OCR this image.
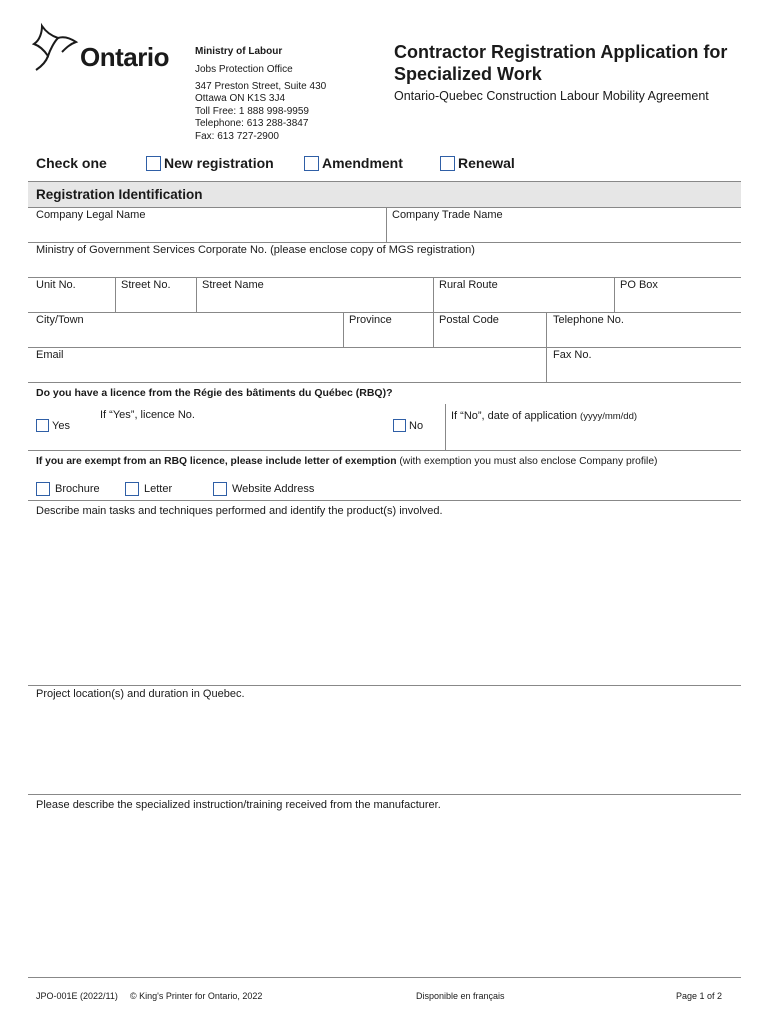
Ontario	Ministry of Labour
Jobs Protection Office
347 Preston Street, Suite 430
Ottawa ON K1S 3J4
Toll Free: 1 888 998-9959
Telephone: 613 288-3847
Fax: 613 727-2900
Contractor Registration Application for Specialized Work
Ontario-Quebec Construction Labour Mobility Agreement
Check one	New registration	Amendment	Renewal
Registration Identification
Company Legal Name	Company Trade Name
Ministry of Government Services Corporate No. (please enclose copy of MGS registration)
Unit No.	Street No.	Street Name	Rural Route	PO Box
City/Town	Province	Postal Code	Telephone No.
Email	Fax No.
Do you have a licence from the Régie des bâtiments du Québec (RBQ)?
Yes
If “Yes”, licence No.
No
If “No”, date of application (yyyy/mm/dd)
If you are exempt from an RBQ licence, please include letter of exemption (with exemption you must also enclose Company profile)
Brochure	Letter	Website Address
Describe main tasks and techniques performed and identify the product(s) involved.
Project location(s) and duration in Quebec.
Please describe the specialized instruction/training received from the manufacturer.
JPO-001E (2022/11) © King's Printer for Ontario, 2022	Disponible en français	Page 1 of 2
